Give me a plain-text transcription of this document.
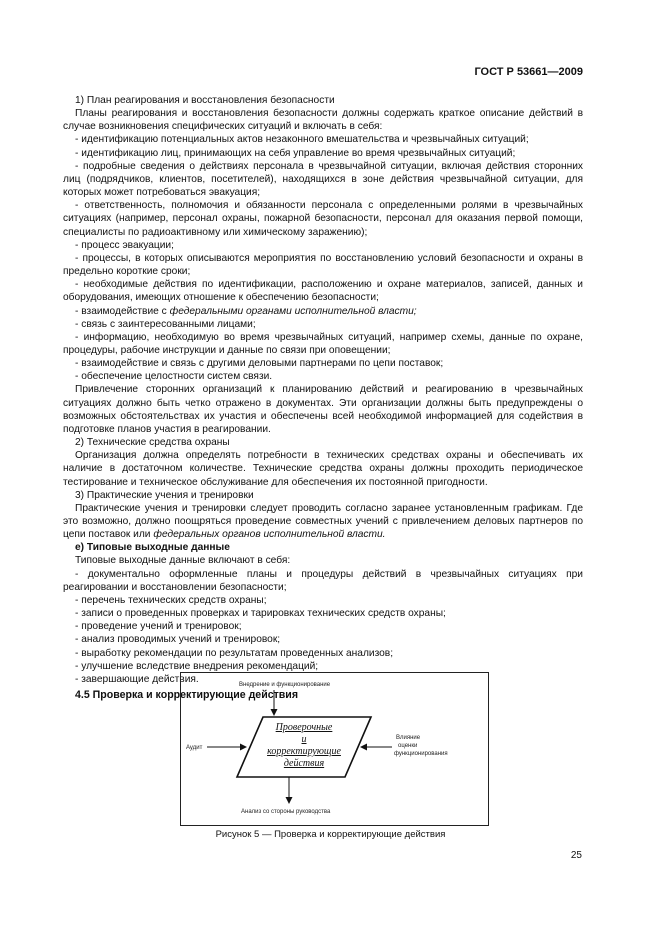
ГОСТ Р 53661—2009

1) План реагирования и восстановления безопасности

Планы реагирования и восстановления безопасности должны содержать краткое описание действий в случае возникновения специфических ситуаций и включать в себя:

- идентификацию потенциальных актов незаконного вмешательства и чрезвычайных ситуаций;

- идентификацию лиц, принимающих на себя управление во время чрезвычайных ситуаций;

- подробные сведения о действиях персонала в чрезвычайной ситуации, включая действия сторонних лиц (подрядчиков, клиентов, посетителей), находящихся в зоне действия чрезвычайной ситуации, для которых может потребоваться эвакуация;

- ответственность, полномочия и обязанности персонала с определенными ролями в чрезвычайных ситуациях (например, персонал охраны, пожарной безопасности, персонал для оказания первой помощи, специалисты по радиоактивному или химическому заражению);

- процесс эвакуации;

- процессы, в которых описываются мероприятия по восстановлению условий безопасности и охраны в предельно короткие сроки;

- необходимые действия по идентификации, расположению и охране материалов, записей, данных и оборудования, имеющих отношение к обеспечению безопасности;

- взаимодействие с федеральными органами исполнительной власти;

- связь с заинтересованными лицами;

- информацию, необходимую во время чрезвычайных ситуаций, например схемы, данные по охране, процедуры, рабочие инструкции и данные по связи при оповещении;

- взаимодействие и связь с другими деловыми партнерами по цепи поставок;

- обеспечение целостности систем связи.

Привлечение сторонних организаций к планированию действий и реагированию в чрезвычайных ситуациях должно быть четко отражено в документах. Эти организации должны быть предупреждены о возможных обстоятельствах их участия и обеспечены всей необходимой информацией для содействия в подготовке планов участия в реагировании.

2) Технические средства охраны

Организация должна определять потребности в технических средствах охраны и обеспечивать их наличие в достаточном количестве. Технические средства охраны должны проходить периодическое тестирование и техническое обслуживание для обеспечения их постоянной пригодности.

3) Практические учения и тренировки

Практические учения и тренировки следует проводить согласно заранее установленным графикам. Где это возможно, должно поощряться проведение совместных учений с привлечением деловых партнеров по цепи поставок или федеральных органов исполнительной власти.

е) Типовые выходные данные

Типовые выходные данные включают в себя:

- документально оформленные планы и процедуры действий в чрезвычайных ситуациях при реагировании и восстановлении безопасности;

- перечень технических средств охраны;

- записи о проведенных проверках и тарировках технических средств охраны;

- проведение учений и тренировок;

- анализ проводимых учений и тренировок;

- выработку рекомендации по результатам проведенных анализов;

- улучшение вследствие внедрения рекомендаций;

- завершающие действия.

4.5 Проверка и корректирующие действия

Внедрение и функционирование
Проверочные
и
корректирующие
действия
Аудит
Влияние
оценки
функционирования
Анализ со стороны руководства
Рисунок 5 — Проверка и корректирующие действия
25
